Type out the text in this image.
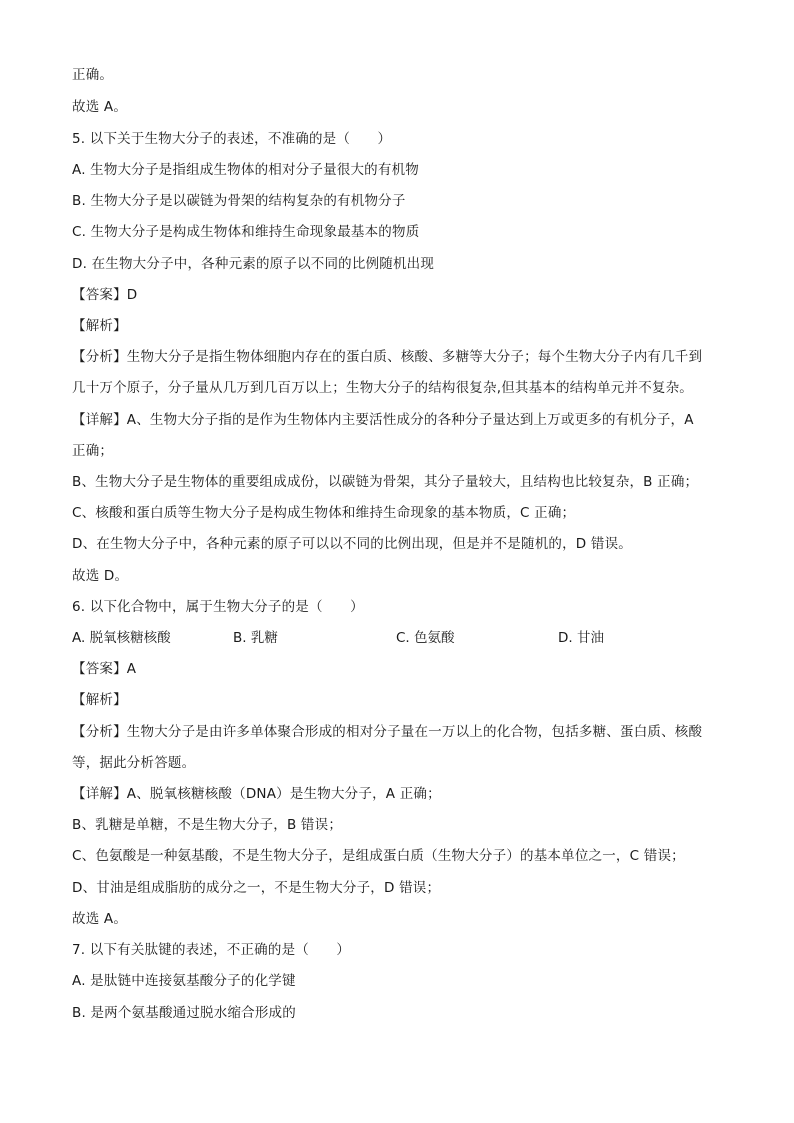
正确。
故选 A。
5. 以下关于生物大分子的表述，不准确的是（　　）
A. 生物大分子是指组成生物体的相对分子量很大的有机物
B. 生物大分子是以碳链为骨架的结构复杂的有机物分子
C. 生物大分子是构成生物体和维持生命现象最基本的物质
D. 在生物大分子中，各种元素的原子以不同的比例随机出现
【答案】D
【解析】
【分析】生物大分子是指生物体细胞内存在的蛋白质、核酸、多糖等大分子；每个生物大分子内有几千到
几十万个原子，分子量从几万到几百万以上；生物大分子的结构很复杂,但其基本的结构单元并不复杂。
【详解】A、生物大分子指的是作为生物体内主要活性成分的各种分子量达到上万或更多的有机分子，A
正确；
B、生物大分子是生物体的重要组成成份，以碳链为骨架，其分子量较大，且结构也比较复杂，B 正确；
C、核酸和蛋白质等生物大分子是构成生物体和维持生命现象的基本物质，C 正确；
D、在生物大分子中，各种元素的原子可以以不同的比例出现，但是并不是随机的，D 错误。
故选 D。
6. 以下化合物中，属于生物大分子的是（　　）
A. 脱氧核糖核酸	B. 乳糖	C. 色氨酸	D. 甘油
【答案】A
【解析】
【分析】生物大分子是由许多单体聚合形成的相对分子量在一万以上的化合物，包括多糖、蛋白质、核酸
等，据此分析答题。
【详解】A、脱氧核糖核酸（DNA）是生物大分子，A 正确；
B、乳糖是单糖，不是生物大分子，B 错误；
C、色氨酸是一种氨基酸，不是生物大分子，是组成蛋白质（生物大分子）的基本单位之一，C 错误；
D、甘油是组成脂肪的成分之一，不是生物大分子，D 错误；
故选 A。
7. 以下有关肽键的表述，不正确的是（　　）
A. 是肽链中连接氨基酸分子的化学键
B. 是两个氨基酸通过脱水缩合形成的
